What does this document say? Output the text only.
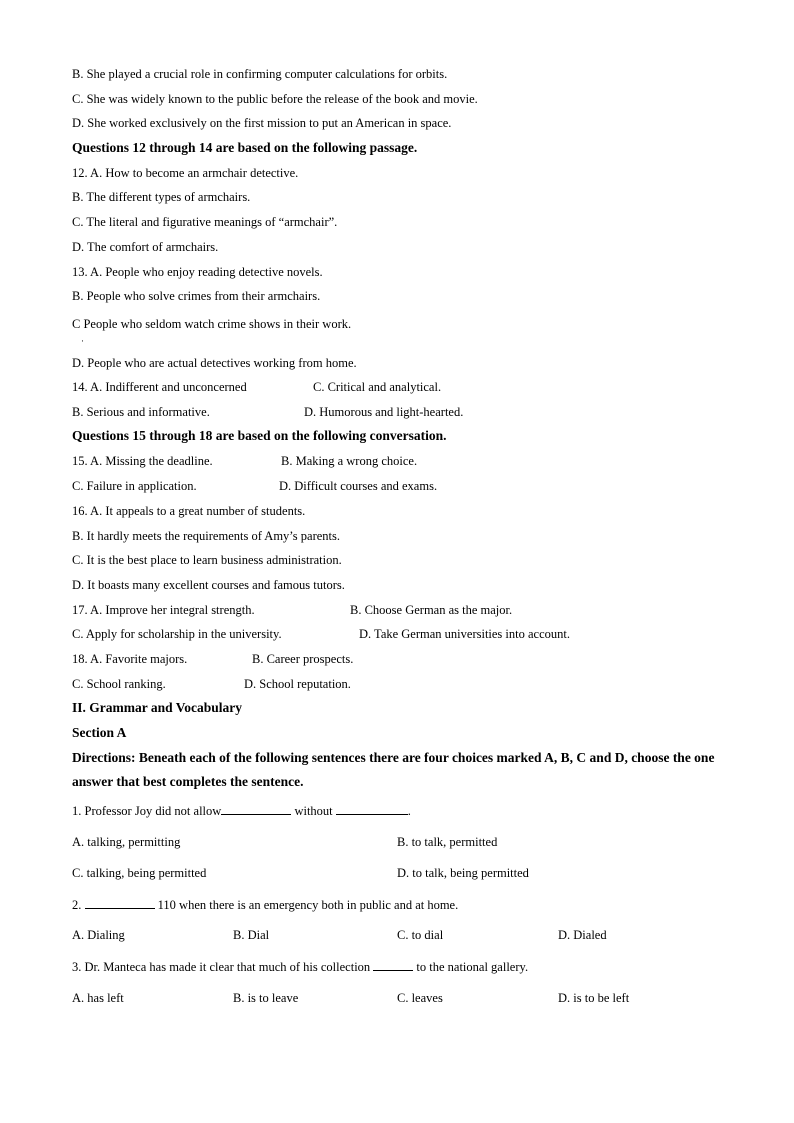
B. She played a crucial role in confirming computer calculations for orbits.
C. She was widely known to the public before the release of the book and movie.
D. She worked exclusively on the first mission to put an American in space.
Questions 12 through 14 are based on the following passage.
12. A. How to become an armchair detective.
B. The different types of armchairs.
C. The literal and figurative meanings of “armchair”.
D. The comfort of armchairs.
13. A. People who enjoy reading detective novels.
B. People who solve crimes from their armchairs.
C People who seldom watch crime shows in their work.
·
D. People who are actual detectives working from home.
14. A. Indifferent and unconcerned	C. Critical and analytical.
B. Serious and informative.	D. Humorous and light-hearted.
Questions 15 through 18 are based on the following conversation.
15. A. Missing the deadline.	B. Making a wrong choice.
C. Failure in application.	D. Difficult courses and exams.
16. A. It appeals to a great number of students.
B. It hardly meets the requirements of Amy’s parents.
C. It is the best place to learn business administration.
D. It boasts many excellent courses and famous tutors.
17. A. Improve her integral strength.	B. Choose German as the major.
C. Apply for scholarship in the university.	D. Take German universities into account.
18. A. Favorite majors.	B. Career prospects.
C. School ranking.	D. School reputation.
II. Grammar and Vocabulary
Section A
Directions: Beneath each of the following sentences there are four choices marked A, B, C and D, choose the one answer that best completes the sentence.
1. Professor Joy did not allow	without	.
A. talking, permitting	B. to talk, permitted
C. talking, being permitted	D. to talk, being permitted
2.	110 when there is an emergency both in public and at home.
A. Dialing	B. Dial	C. to dial	D. Dialed
3. Dr. Manteca has made it clear that much of his collection	to the national gallery.
A. has left	B. is to leave	C. leaves	D. is to be left
